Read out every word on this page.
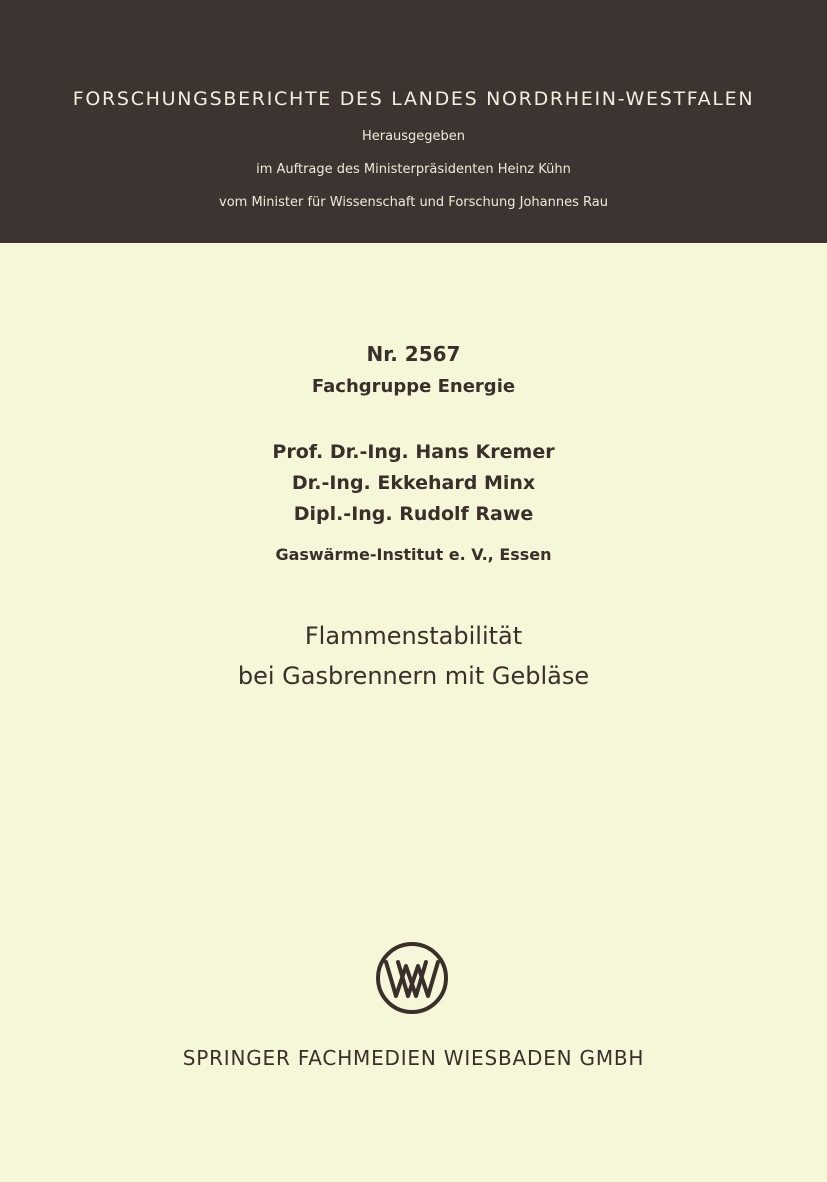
FORSCHUNGSBERICHTE DES LANDES NORDRHEIN-WESTFALEN
Herausgegeben
im Auftrage des Ministerpräsidenten Heinz Kühn
vom Minister für Wissenschaft und Forschung Johannes Rau
Nr. 2567
Fachgruppe Energie
Prof. Dr.-Ing. Hans Kremer
Dr.-Ing. Ekkehard Minx
Dipl.-Ing. Rudolf Rawe
Gaswärme-Institut e. V., Essen
Flammenstabilität
bei Gasbrennern mit Gebläse
SPRINGER FACHMEDIEN WIESBADEN GMBH
